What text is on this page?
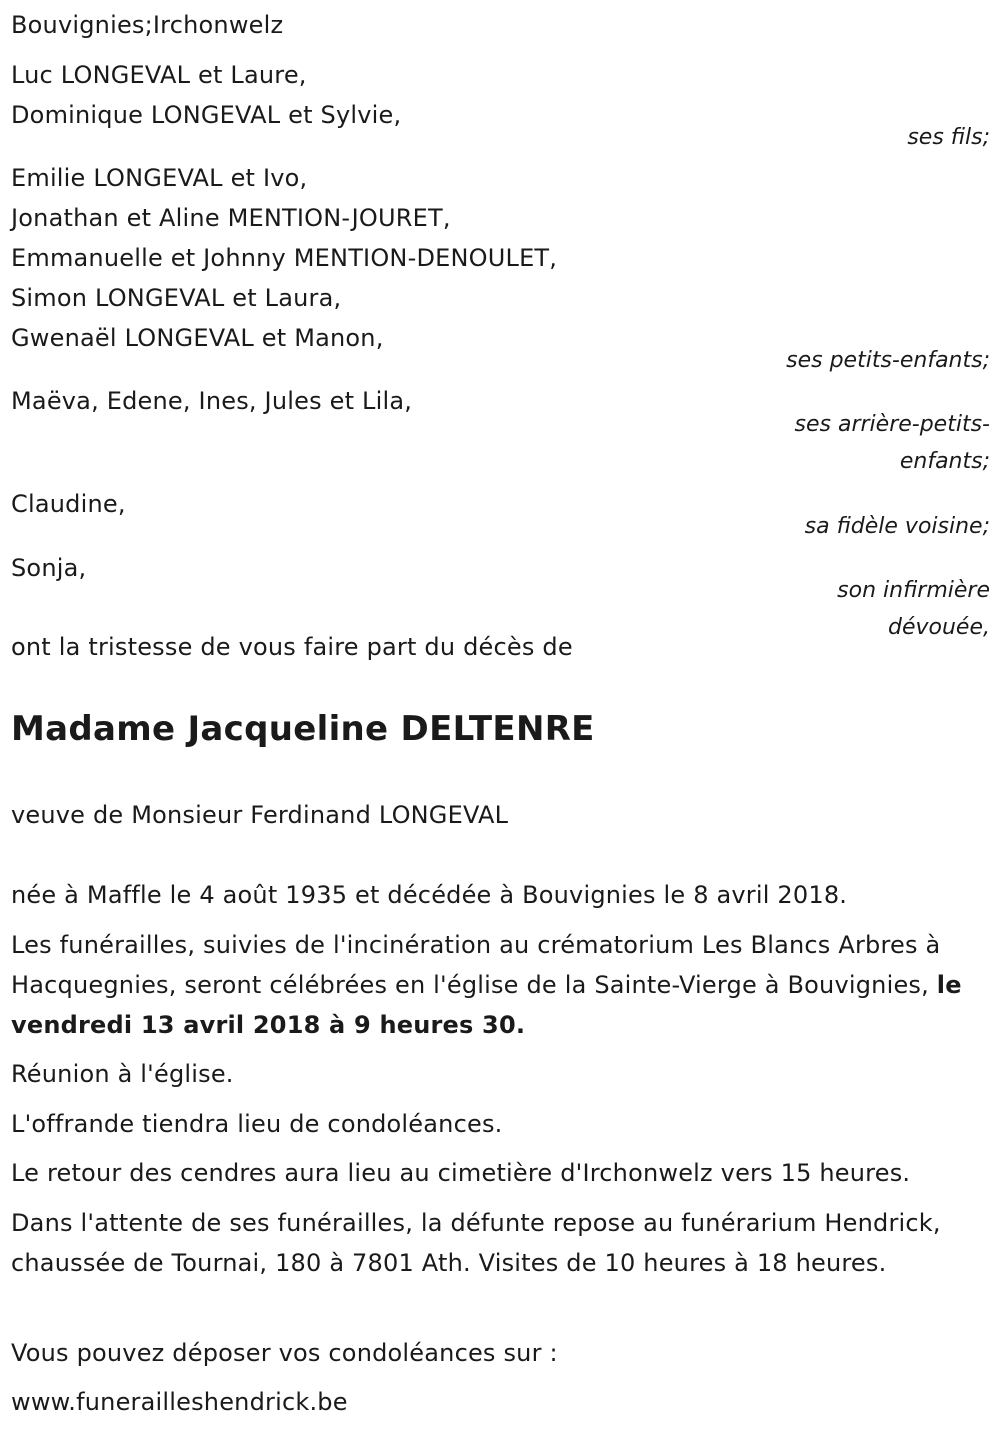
Bouvignies;Irchonwelz
Luc LONGEVAL et Laure,
Dominique LONGEVAL et Sylvie,
ses fils;
Emilie LONGEVAL et Ivo,
Jonathan et Aline MENTION-JOURET,
Emmanuelle et Johnny MENTION-DENOULET,
Simon LONGEVAL et Laura,
Gwenaël LONGEVAL et Manon,
ses petits-enfants;
Maëva, Edene, Ines, Jules et Lila,
ses arrière-petits-enfants;
Claudine,
sa fidèle voisine;
Sonja,
son infirmière dévouée,
ont la tristesse de vous faire part du décès de
Madame Jacqueline DELTENRE
veuve de Monsieur Ferdinand LONGEVAL
née à Maffle le 4 août 1935 et décédée à Bouvignies le 8 avril 2018.
Les funérailles, suivies de l'incinération au crématorium Les Blancs Arbres à Hacquegnies, seront célébrées en l'église de la Sainte-Vierge à Bouvignies, le vendredi 13 avril 2018 à 9 heures 30.
Réunion à l'église.
L'offrande tiendra lieu de condoléances.
Le retour des cendres aura lieu au cimetière d'Irchonwelz vers 15 heures.
Dans l'attente de ses funérailles, la défunte repose au funérarium Hendrick, chaussée de Tournai, 180 à 7801 Ath. Visites de 10 heures à 18 heures.
Vous pouvez déposer vos condoléances sur :
www.funerailleshendrick.be
